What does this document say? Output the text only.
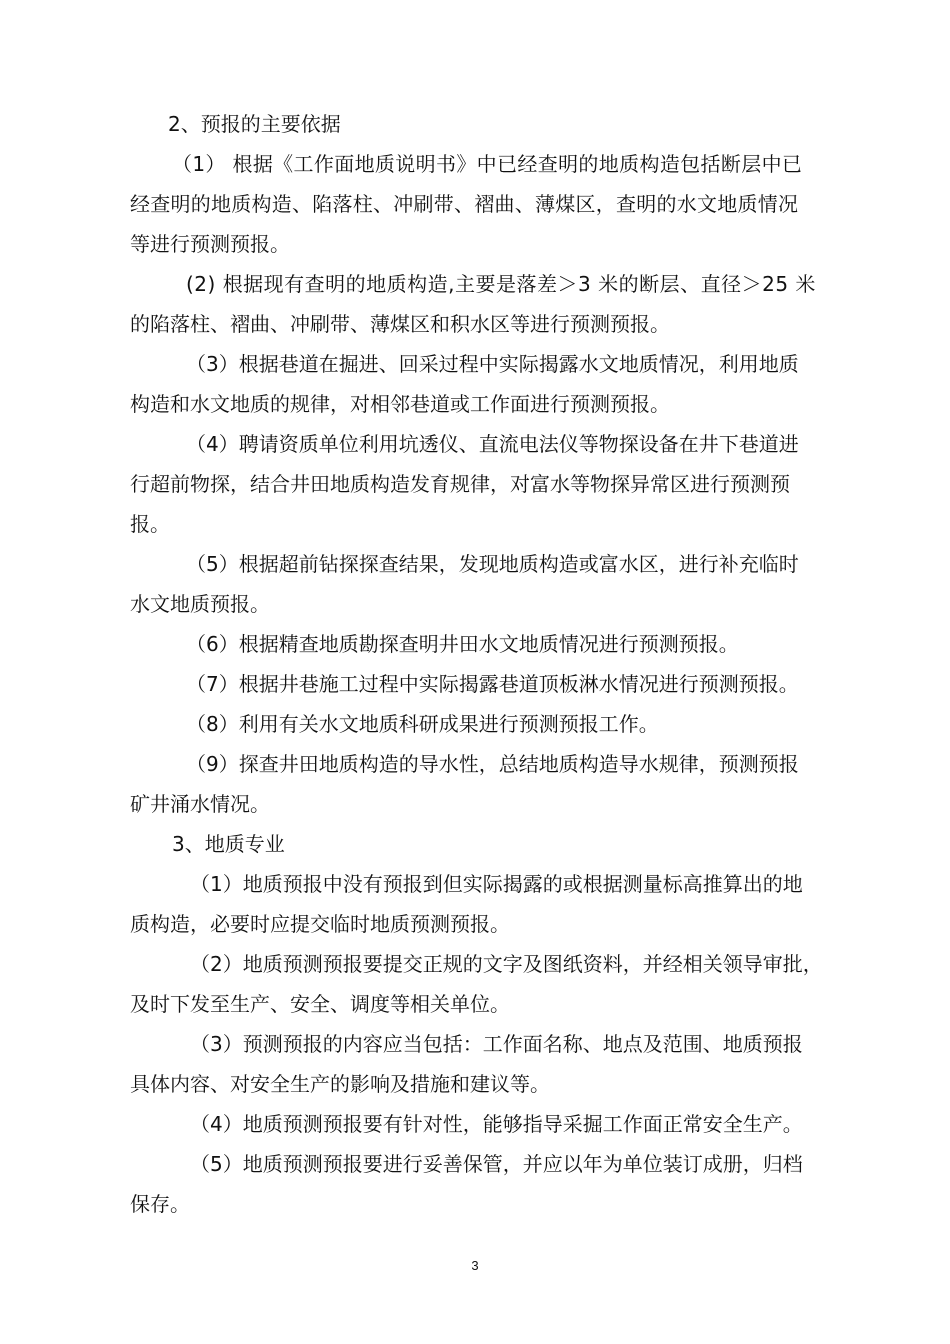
2、预报的主要依据
（1） 根据《工作面地质说明书》中已经查明的地质构造包括断层中已
经查明的地质构造、陷落柱、冲刷带、褶曲、薄煤区，查明的水文地质情况
等进行预测预报。
(2) 根据现有查明的地质构造,主要是落差＞3 米的断层、直径＞25 米
的陷落柱、褶曲、冲刷带、薄煤区和积水区等进行预测预报。
（3）根据巷道在掘进、回采过程中实际揭露水文地质情况，利用地质
构造和水文地质的规律，对相邻巷道或工作面进行预测预报。
（4）聘请资质单位利用坑透仪、直流电法仪等物探设备在井下巷道进
行超前物探，结合井田地质构造发育规律，对富水等物探异常区进行预测预
报。
（5）根据超前钻探探查结果，发现地质构造或富水区，进行补充临时
水文地质预报。
（6）根据精查地质勘探查明井田水文地质情况进行预测预报。
（7）根据井巷施工过程中实际揭露巷道顶板淋水情况进行预测预报。
（8）利用有关水文地质科研成果进行预测预报工作。
（9）探查井田地质构造的导水性，总结地质构造导水规律，预测预报
矿井涌水情况。
3、地质专业
（1）地质预报中没有预报到但实际揭露的或根据测量标高推算出的地
质构造，必要时应提交临时地质预测预报。
（2）地质预测预报要提交正规的文字及图纸资料，并经相关领导审批，
及时下发至生产、安全、调度等相关单位。
（3）预测预报的内容应当包括：工作面名称、地点及范围、地质预报
具体内容、对安全生产的影响及措施和建议等。
（4）地质预测预报要有针对性，能够指导采掘工作面正常安全生产。
（5）地质预测预报要进行妥善保管，并应以年为单位装订成册，归档
保存。
3
